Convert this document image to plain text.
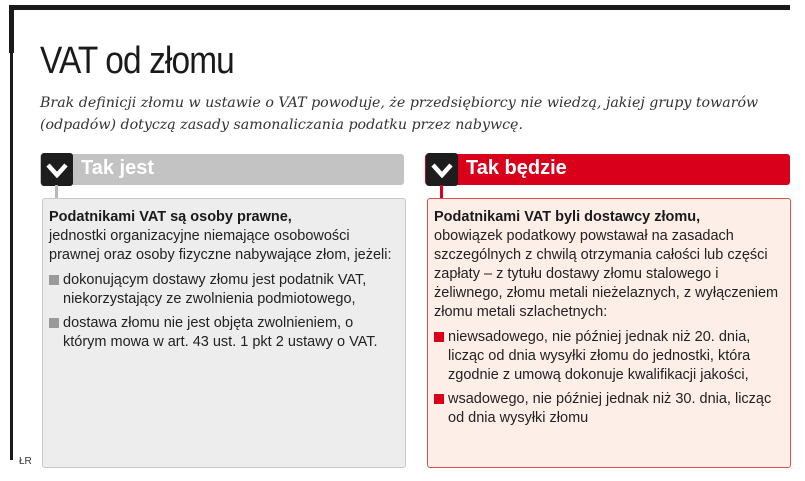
VAT od złomu
Brak definicji złomu w ustawie o VAT powoduje, że przedsiębiorcy nie wiedzą, jakiej grupy towarów (odpadów) dotyczą zasady samonaliczania podatku przez nabywcę.
Tak jest
Podatnikami VAT są osoby prawne,
jednostki organizacyjne niemające osobowości prawnej oraz osoby fizyczne nabywające złom, jeżeli:
dokonującym dostawy złomu jest podatnik VAT, niekorzystający ze zwolnienia podmiotowego,
dostawa złomu nie jest objęta zwolnieniem, o którym mowa w art. 43 ust. 1 pkt 2 ustawy o VAT.
Tak będzie
Podatnikami VAT byli dostawcy złomu,
obowiązek podatkowy powstawał na zasadach szczególnych z chwilą otrzymania całości lub części zapłaty – z tytułu dostawy złomu stalowego i żeliwnego, złomu metali nieżelaznych, z wyłączeniem złomu metali szlachetnych:
niewsadowego, nie później jednak niż 20. dnia, licząc od dnia wysyłki złomu do jednostki, która zgodnie z umową dokonuje kwalifikacji jakości,
wsadowego, nie później jednak niż 30. dnia, licząc od dnia wysyłki złomu
ŁR
